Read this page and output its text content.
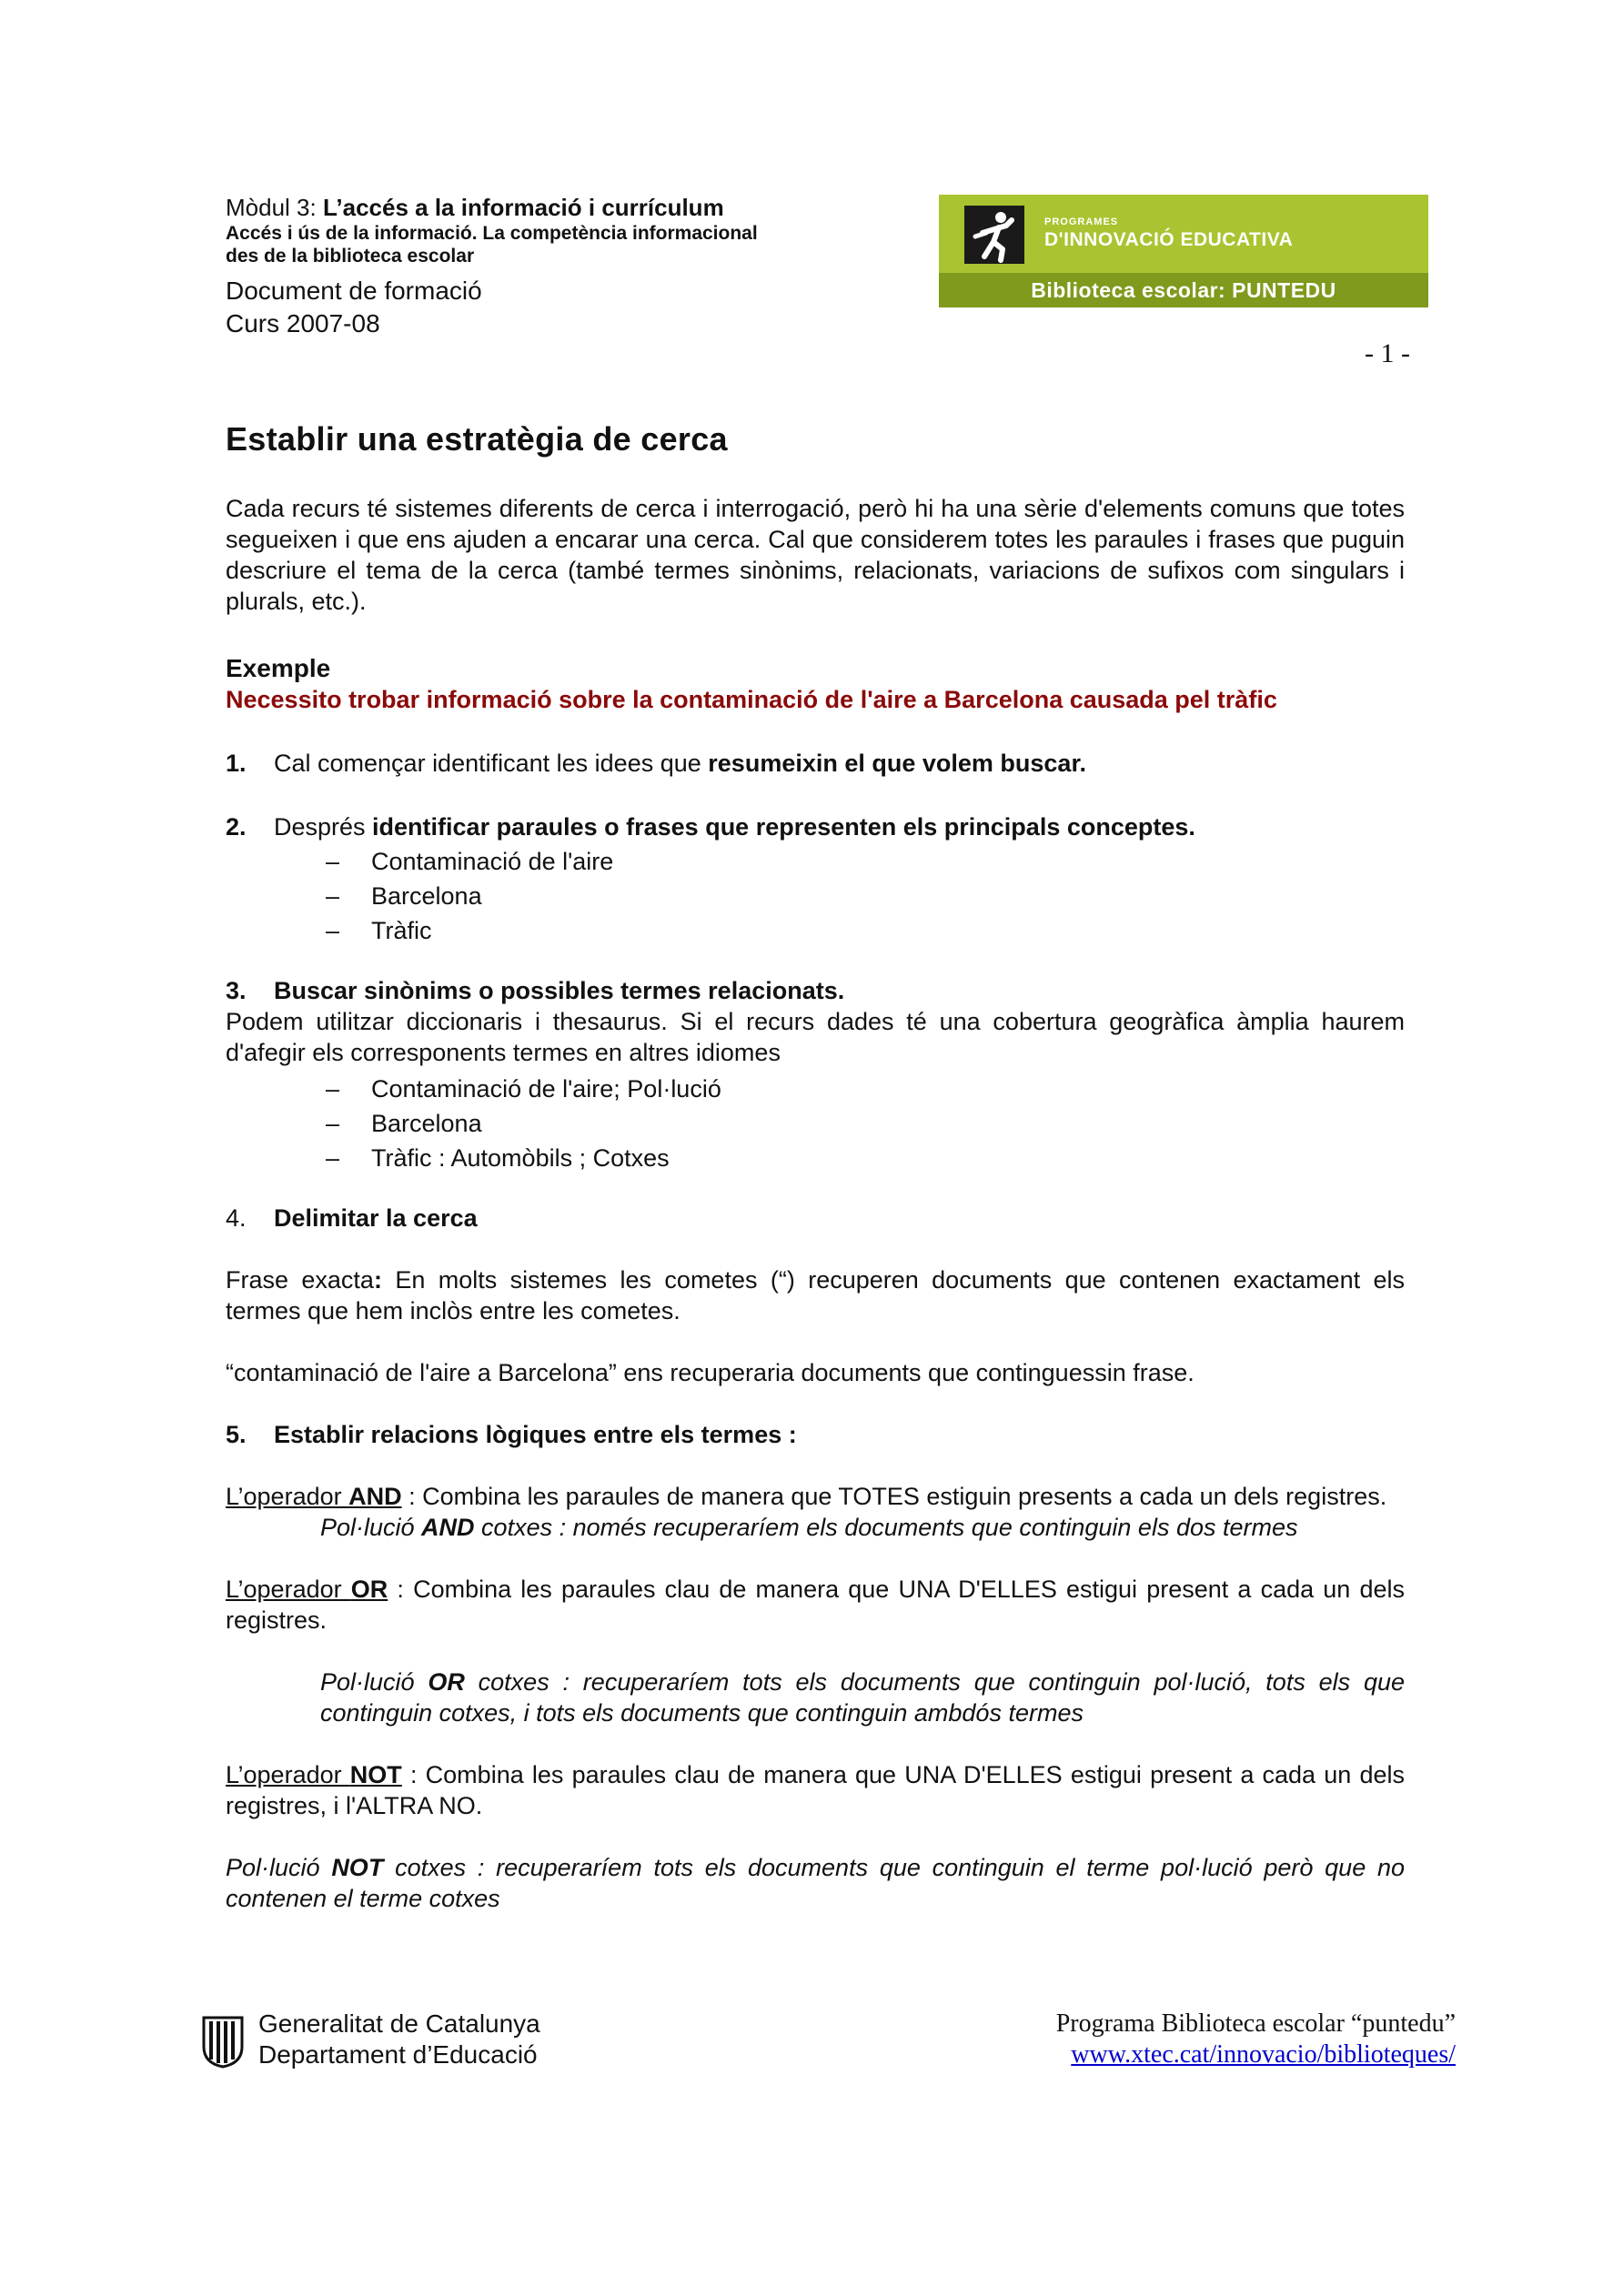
Mòdul 3: L’accés a la informació i currículum
Accés i ús de la informació. La competència informacional
des de la biblioteca escolar
Document de formació
Curs 2007-08
PROGRAMES
D'INNOVACIÓ EDUCATIVA
Biblioteca escolar: PUNTEDU
- 1 -
Establir una estratègia de cerca

Cada recurs té sistemes diferents de cerca i interrogació, però hi ha una sèrie d'elements comuns que totes segueixen i que ens ajuden a encarar una cerca. Cal que considerem totes les paraules i frases que puguin descriure el tema de la cerca (també termes sinònims, relacionats, variacions de sufixos com singulars i plurals, etc.).

Exemple
Necessito trobar informació sobre la contaminació de l'aire a Barcelona causada pel tràfic
1.	Cal començar identificant les idees que resumeixin el que volem buscar.
2.	Després identificar paraules o frases que representen els principals conceptes.
– Contaminació de l'aire
– Barcelona
– Tràfic
3.	Buscar sinònims o possibles termes relacionats.

Podem utilitzar diccionaris i thesaurus. Si el recurs dades té una cobertura geogràfica àmplia haurem d'afegir els corresponents termes en altres idiomes

– Contaminació de l'aire; Pol·lució
– Barcelona
– Tràfic : Automòbils ; Cotxes
4.	Delimitar la cerca

Frase exacta: En molts sistemes les cometes (“) recuperen documents que contenen exactament els termes que hem inclòs entre les cometes.

“contaminació de l'aire a Barcelona” ens recuperaria documents que continguessin frase.

5.	Establir relacions lògiques entre els termes :
L’operador AND : Combina les paraules de manera que TOTES estiguin presents a cada un dels registres.
Pol·lució AND cotxes : només recuperaríem els documents que continguin els dos termes
L’operador OR : Combina les paraules clau de manera que UNA D'ELLES estigui present a cada un dels registres.
Pol·lució OR cotxes : recuperaríem tots els documents que continguin pol·lució, tots els que continguin cotxes, i tots els documents que continguin ambdós termes
L’operador NOT : Combina les paraules clau de manera que UNA D'ELLES estigui present a cada un dels registres, i l'ALTRA NO.
Pol·lució NOT cotxes : recuperaríem tots els documents que continguin el terme pol·lució però que no contenen el terme cotxes
Generalitat de Catalunya
Departament d’Educació
Programa Biblioteca escolar “puntedu”
www.xtec.cat/innovacio/biblioteques/
